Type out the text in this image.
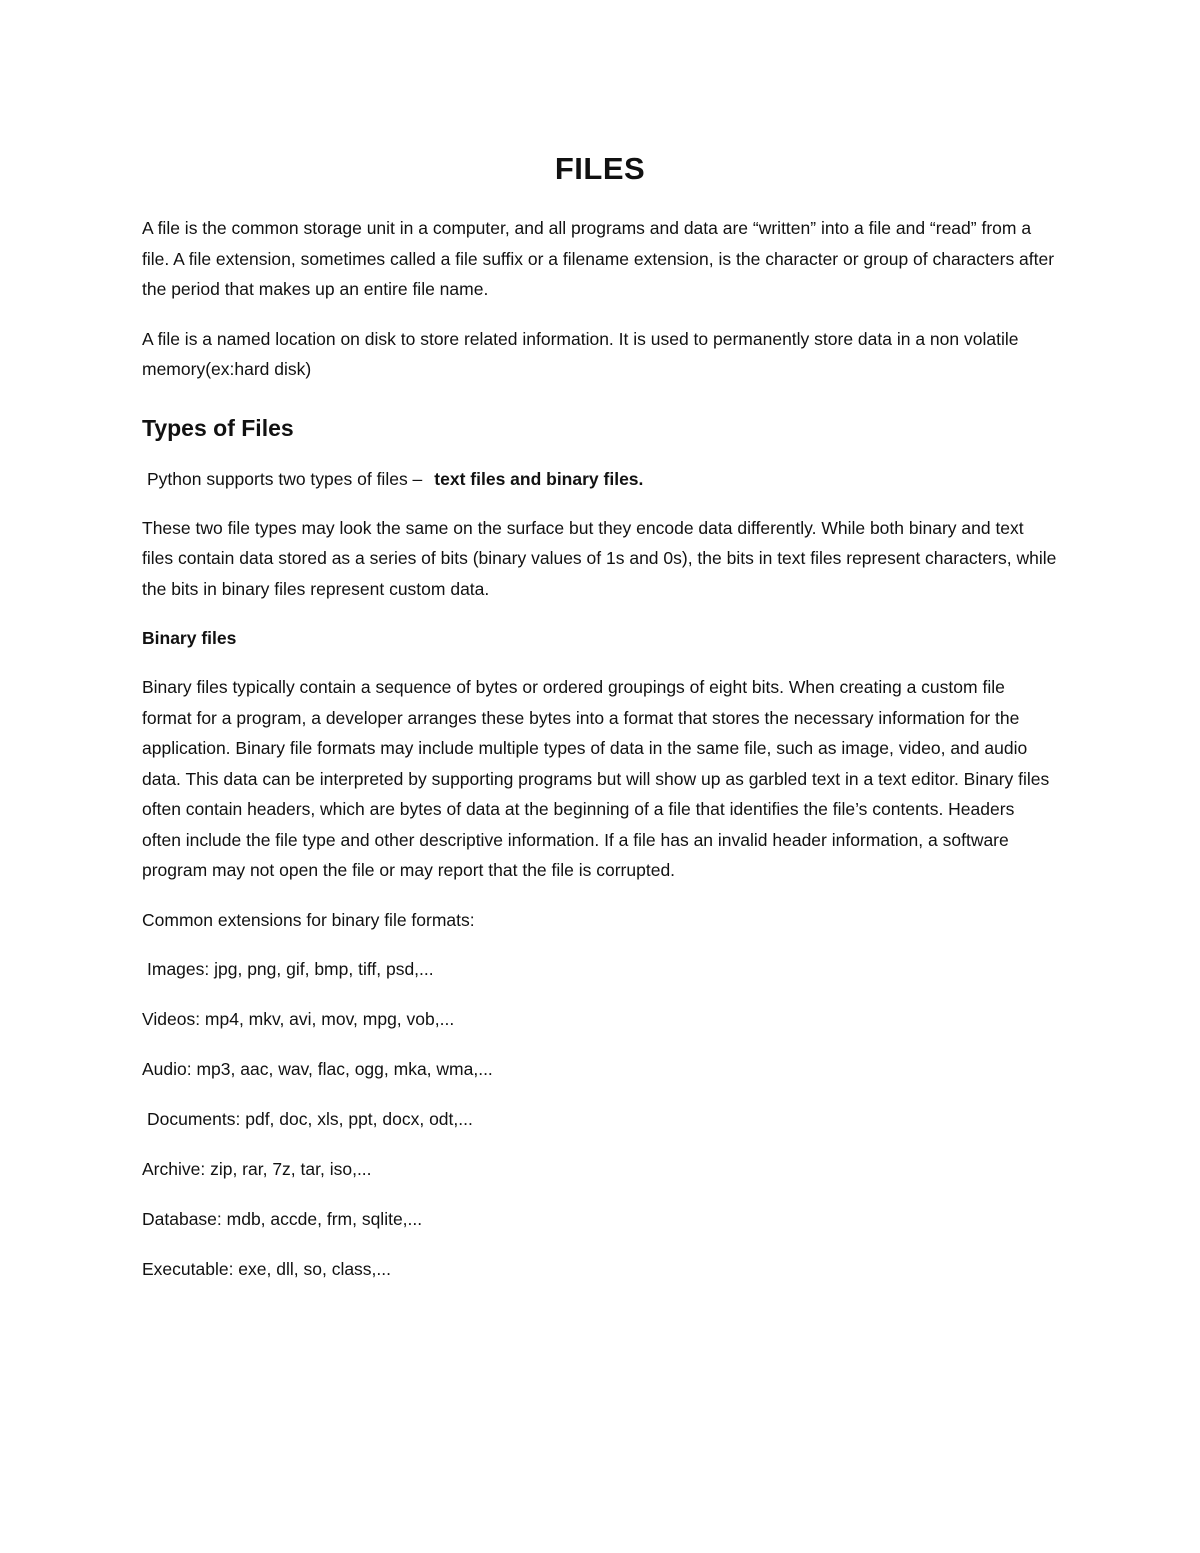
FILES

A file is the common storage unit in a computer, and all programs and data are “written” into a file and “read” from a file. A file extension, sometimes called a file suffix or a filename extension, is the character or group of characters after the period that makes up an entire file name.

A file is a named location on disk to store related information. It is used to permanently store data in a non volatile memory(ex:hard disk)

Types of Files

Python supports two types of files – text files and binary files.

These two file types may look the same on the surface but they encode data differently. While both binary and text files contain data stored as a series of bits (binary values of 1s and 0s), the bits in text files represent characters, while the bits in binary files represent custom data.

Binary files

Binary files typically contain a sequence of bytes or ordered groupings of eight bits. When creating a custom file format for a program, a developer arranges these bytes into a format that stores the necessary information for the application. Binary file formats may include multiple types of data in the same file, such as image, video, and audio data. This data can be interpreted by supporting programs but will show up as garbled text in a text editor. Binary files often contain headers, which are bytes of data at the beginning of a file that identifies the file’s contents. Headers often include the file type and other descriptive information. If a file has an invalid header information, a software program may not open the file or may report that the file is corrupted.

Common extensions for binary file formats:

Images: jpg, png, gif, bmp, tiff, psd,...
Videos: mp4, mkv, avi, mov, mpg, vob,...
Audio: mp3, aac, wav, flac, ogg, mka, wma,...
Documents: pdf, doc, xls, ppt, docx, odt,...
Archive: zip, rar, 7z, tar, iso,...
Database: mdb, accde, frm, sqlite,...
Executable: exe, dll, so, class,...
